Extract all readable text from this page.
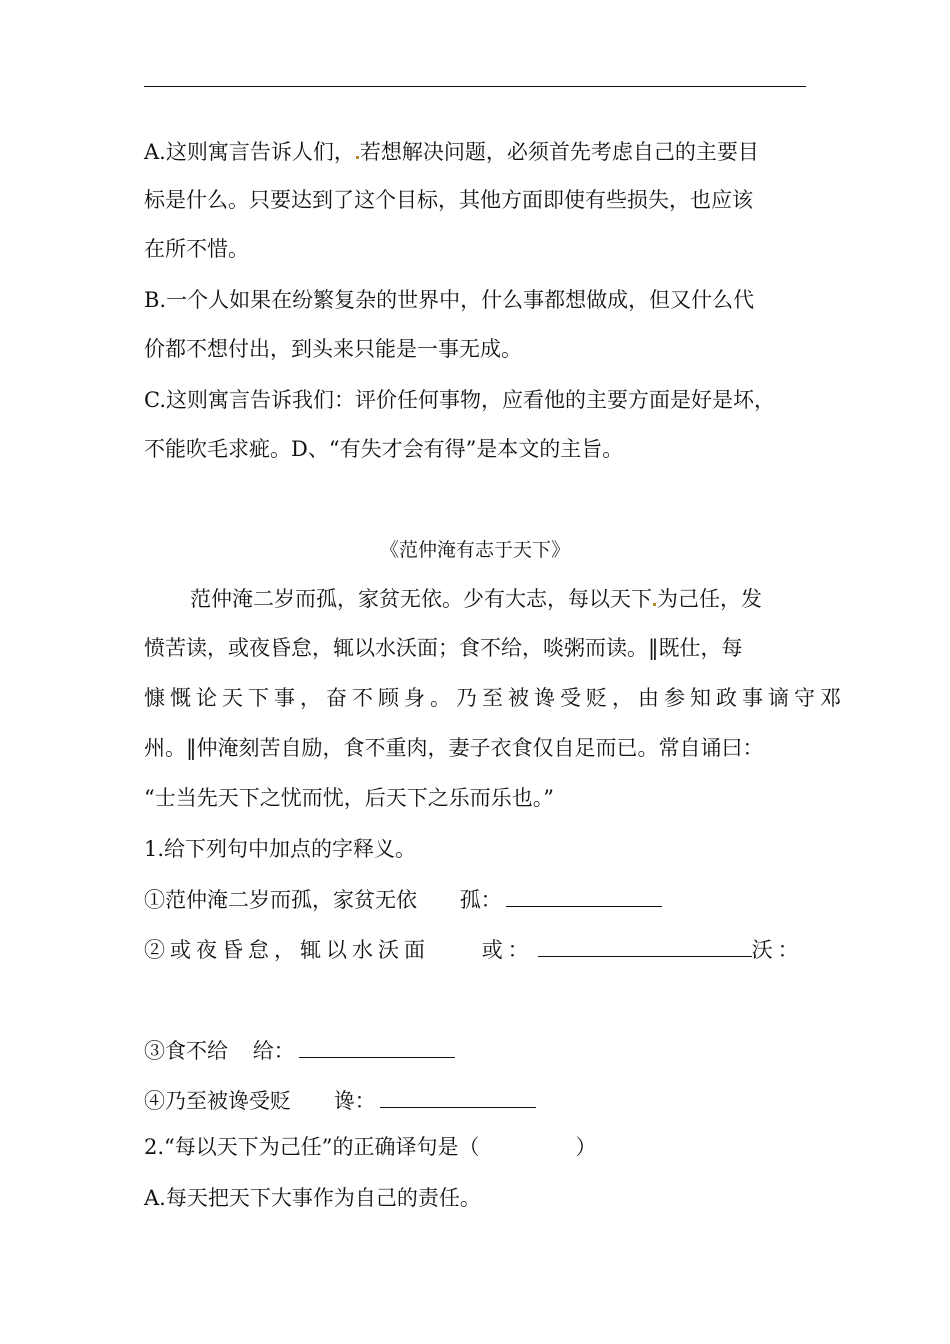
A.这则寓言告诉人们， 若想解决问题，必须首先考虑自己的主要目
标是什么。只要达到了这个目标，其他方面即使有些损失，也应该
在所不惜。
B.一个人如果在纷繁复杂的世界中，什么事都想做成，但又什么代
价都不想付出，到头来只能是一事无成。
C.这则寓言告诉我们：评价任何事物，应看他的主要方面是好是坏，
不能吹毛求疵。D、“有失才会有得”是本文的主旨。
《范仲淹有志于天下》
范仲淹二岁而孤，家贫无依。少有大志，每以天下 为己任，发
愤苦读，或夜昏怠，辄以水沃面；食不给，啖粥而读。‖既仕，每
慷慨论天下事，奋不顾身。乃至被谗受贬，由参知政事谪守邓
州。‖仲淹刻苦自励，食不重肉，妻子衣食仅自足而已。常自诵曰：
“士当先天下之忧而忧，后天下之乐而乐也。”
1.给下列句中加点的字释义。
①范仲淹二岁而孤，家贫无依 孤：
②或夜昏怠，辄以水沃面 或：	沃：
③食不给 给：
④乃至被谗受贬 谗：
2.“每以天下为己任”的正确译句是（	）
A.每天把天下大事作为自己的责任。
